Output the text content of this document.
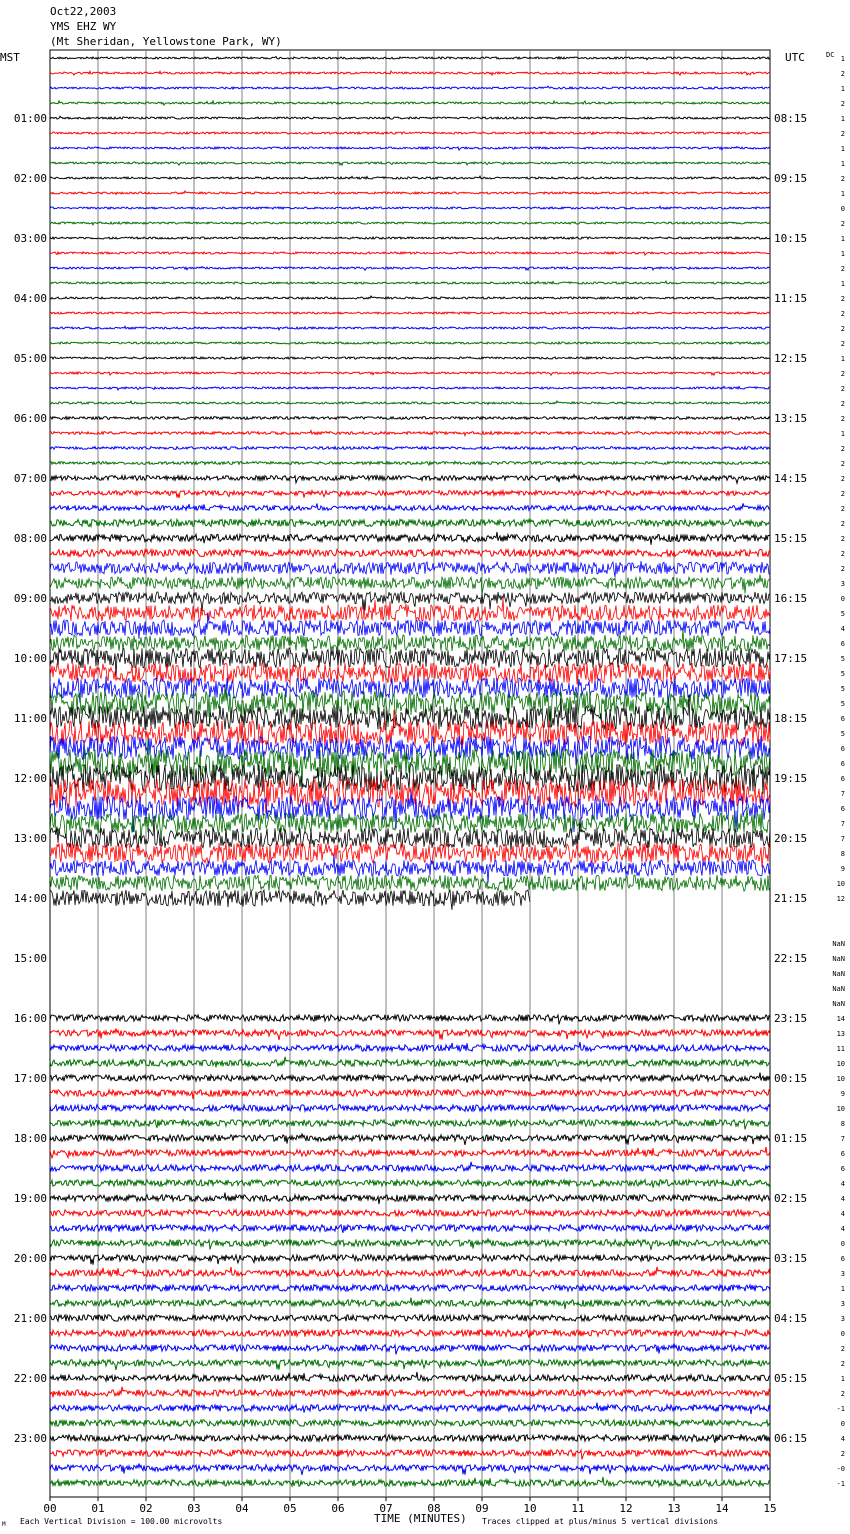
Oct22,2003
YMS EHZ WY
(Mt Sheridan, Yellowstone Park, WY)
MST	UTC	DC
01:00
02:00
03:00
04:00
05:00
06:00
07:00
08:00
09:00
10:00
11:00
12:00
13:00
14:00
15:00
16:00
17:00
18:00
19:00
20:00
21:00
22:00
23:00
08:15
09:15
10:15
11:15
12:15
13:15
14:15
15:15
16:15
17:15
18:15
19:15
20:15
21:15
22:15
23:15
00:15
01:15
02:15
03:15
04:15
05:15
06:15
1
2
1
2
1
2
1
1
2
1
0
2
1
1
2
1
2
2
2
2
1
2
2
2
2
1
2
2
2
2
2
2
2
2
2
3
0
5
4
6
5
5
5
5
6
5
6
6
6
7
6
7
7
8
9
10
12
NaN
NaN
NaN
NaN
NaN
14
13
11
10
10
9
10
8
7
6
6
4
4
4
4
0
6
3
1
3
3
0
2
2
1
2
-1
0
4
2
-0
-1
00	01	02	03	04	05	06	07	08	09	10	11	12	13	14	15
TIME (MINUTES)
Each Vertical Division = 100.00 microvolts	Traces clipped at plus/minus 5 vertical divisions
M
